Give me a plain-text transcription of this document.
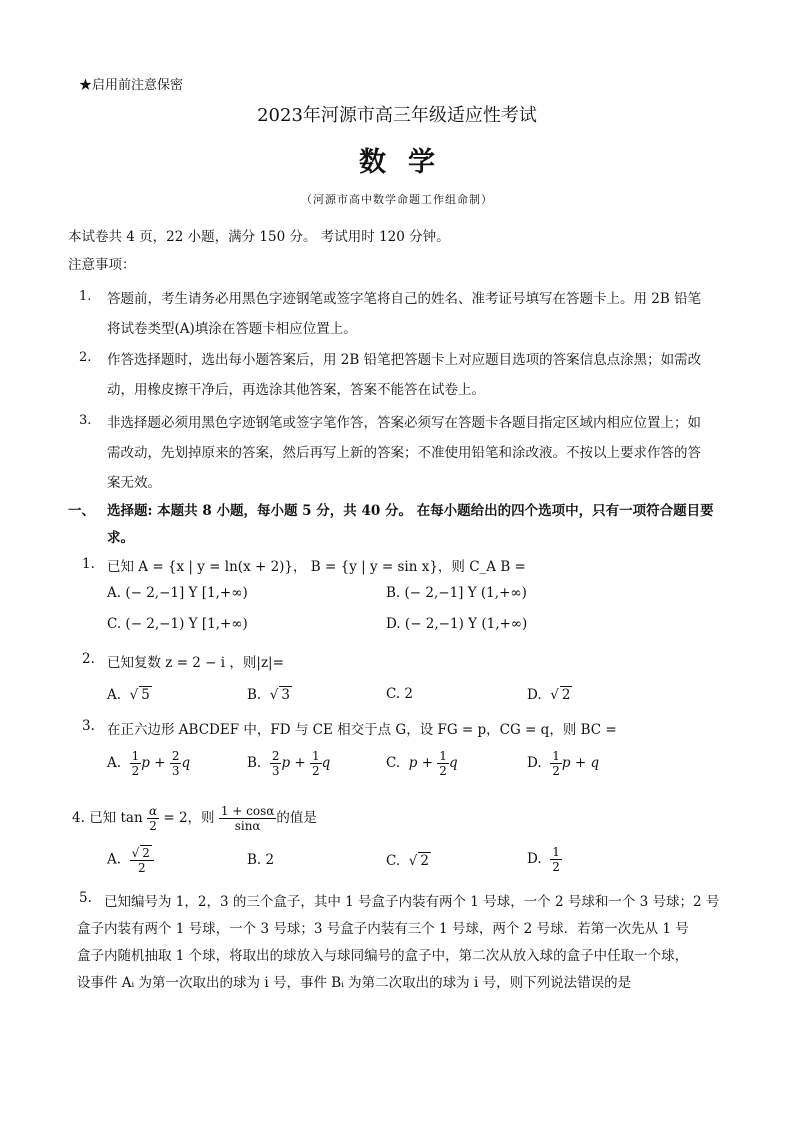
★启用前注意保密
2023年河源市高三年级适应性考试
数学
（河源市高中数学命题工作组命制）
本试卷共 4 页，22 小题，满分 150 分。 考试用时 120 分钟。
注意事项：
1. 答题前，考生请务必用黑色字迹钢笔或签字笔将自己的姓名、准考证号填写在答题卡上。用 2B 铅笔
将试卷类型(A)填涂在答题卡相应位置上。
2. 作答选择题时，选出每小题答案后，用 2B 铅笔把答题卡上对应题目选项的答案信息点涂黑；如需改
动，用橡皮擦干净后，再选涂其他答案，答案不能答在试卷上。
3. 非选择题必须用黑色字迹钢笔或签字笔作答，答案必须写在答题卡各题目指定区域内相应位置上；如
需改动，先划掉原来的答案，然后再写上新的答案；不准使用铅笔和涂改液。不按以上要求作答的答
案无效。
一、 选择题: 本题共 8 小题，每小题 5 分，共 40 分。 在每小题给出的四个选项中，只有一项符合题目要
求。
1. 已知 A = {x | y = ln(x + 2)}， B = {y | y = sin x}，则 C_A B =
A. (− 2,−1] Y [1,+∞)	B. (− 2,−1] Y (1,+∞)
C. (− 2,−1) Y [1,+∞)	D. (− 2,−1) Y (1,+∞)
2. 已知复数 z = 2 − i ，则|z|=
A.  √ 5	B.  √ 3	C. 2	D.  √ 2
3. 在正六边形 ABCDEF 中，FD 与 CE 相交于点 G，设 FG = p，CG = q，则 BC =
A. $\frac{1}{2}$ $p + \frac{2}{3}$ q	B. $\frac{2}{3}$ $p + \frac{1}{2}$ q	C. $p + \frac{1}{2}$ q	D. $\frac{1}{2}$ p + q
4. 已知 $\tan \frac{\alpha}{2} = 2$，则 $\frac{1 + \cos\alpha}{\sin\alpha}$ 的值是
A. $\frac{√ 2}{2}$	B. 2	C.  √ 2	D. $\frac{1}{2}$
5. 已知编号为 1，2，3 的三个盒子，其中 1 号盒子内装有两个 1 号球，一个 2 号球和一个 3 号球；2 号
盒子内装有两个 1 号球，一个 3 号球；3 号盒子内装有三个 1 号球，两个 2 号球．若第一次先从 1 号
盒子内随机抽取 1 个球，将取出的球放入与球同编号的盒子中，第二次从放入球的盒子中任取一个球，
设事件 Aᵢ 为第一次取出的球为 i 号，事件 Bᵢ 为第二次取出的球为 i 号，则下列说法错误的是
